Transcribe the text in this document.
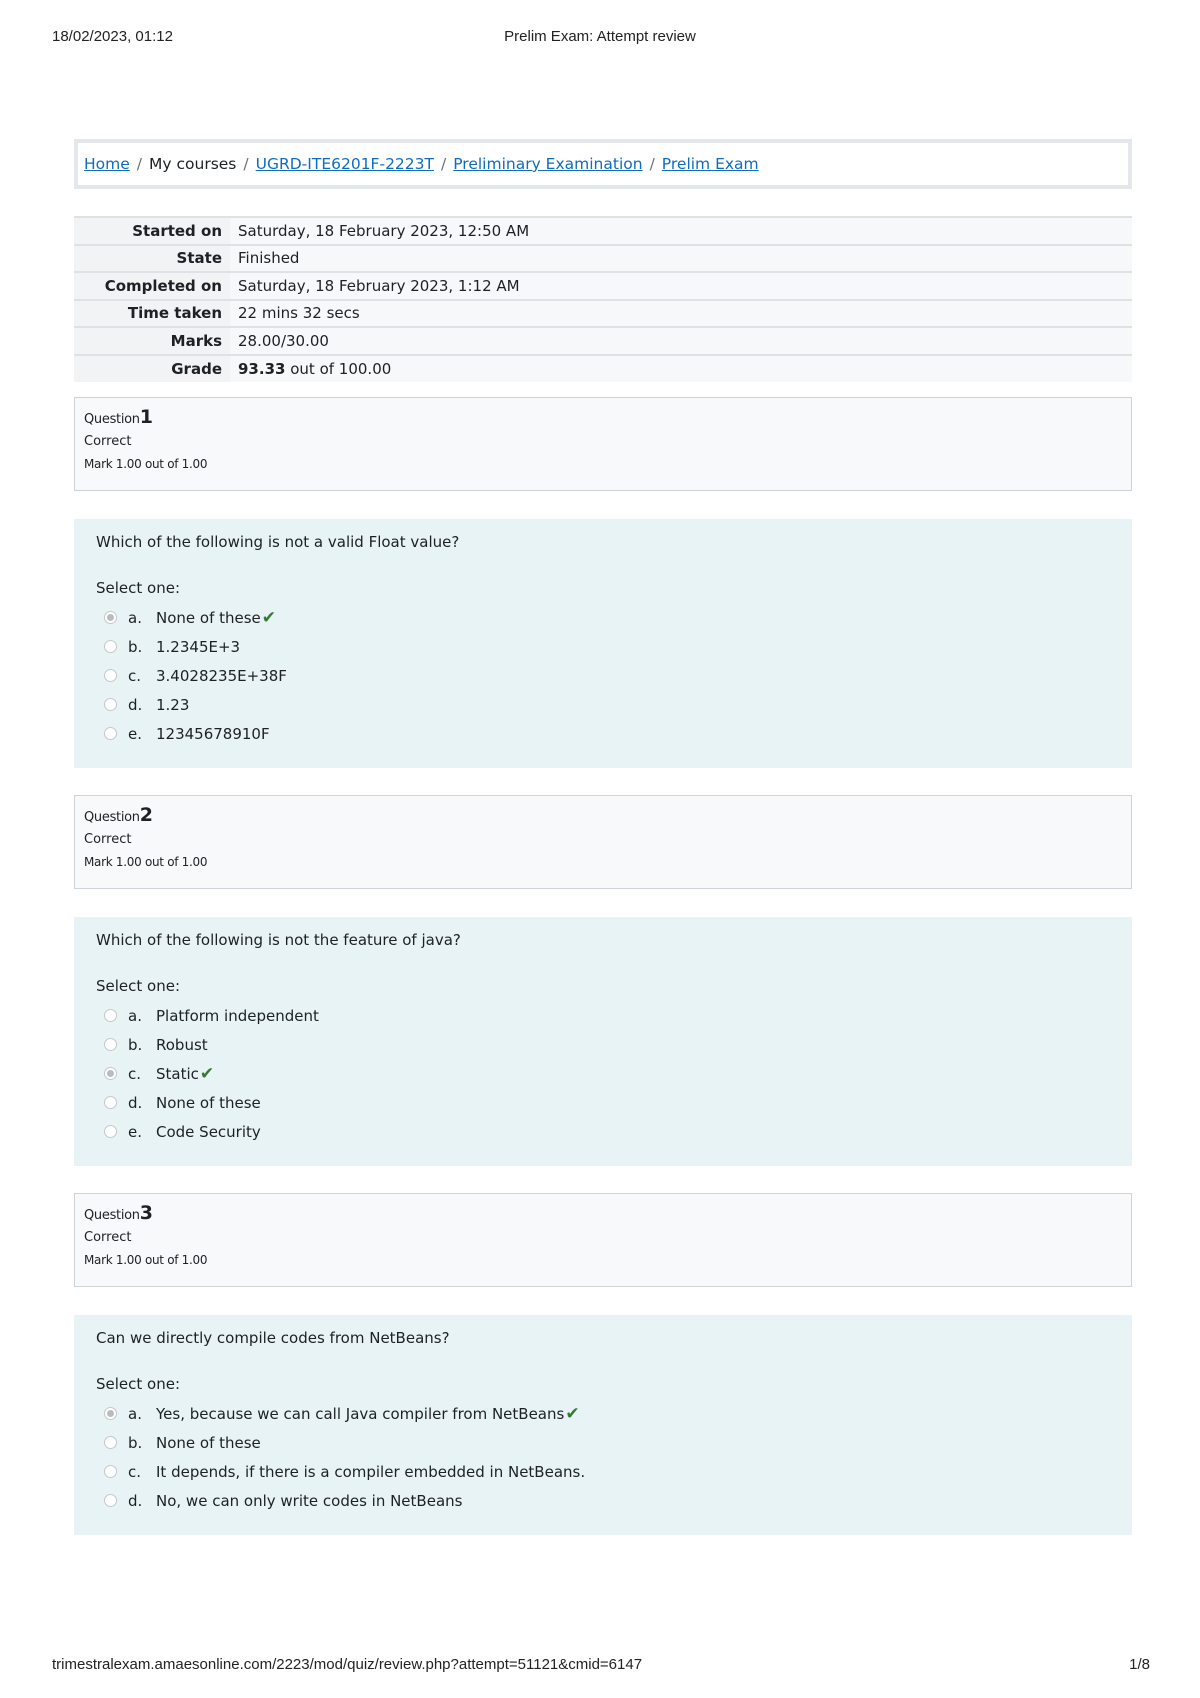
18/02/2023, 01:12	Prelim Exam: Attempt review
Home / My courses / UGRD-ITE6201F-2223T / Preliminary Examination / Prelim Exam
Started on	Saturday, 18 February 2023, 12:50 AM
State	Finished
Completed on	Saturday, 18 February 2023, 1:12 AM
Time taken	22 mins 32 secs
Marks	28.00/30.00
Grade	93.33 out of 100.00
Question1
Correct
Mark 1.00 out of 1.00

Which of the following is not a valid Float value?

Select one:
a. None of these ✔
b. 1.2345E+3
c. 3.4028235E+38F
d. 1.23
e. 12345678910F
Question2
Correct
Mark 1.00 out of 1.00

Which of the following is not the feature of java?

Select one:
a. Platform independent
b. Robust
c. Static ✔
d. None of these
e. Code Security
Question3
Correct
Mark 1.00 out of 1.00

Can we directly compile codes from NetBeans?

Select one:
a. Yes, because we can call Java compiler from NetBeans ✔
b. None of these
c. It depends, if there is a compiler embedded in NetBeans.
d. No, we can only write codes in NetBeans
trimestralexam.amaesonline.com/2223/mod/quiz/review.php?attempt=51121&cmid=6147	1/8
